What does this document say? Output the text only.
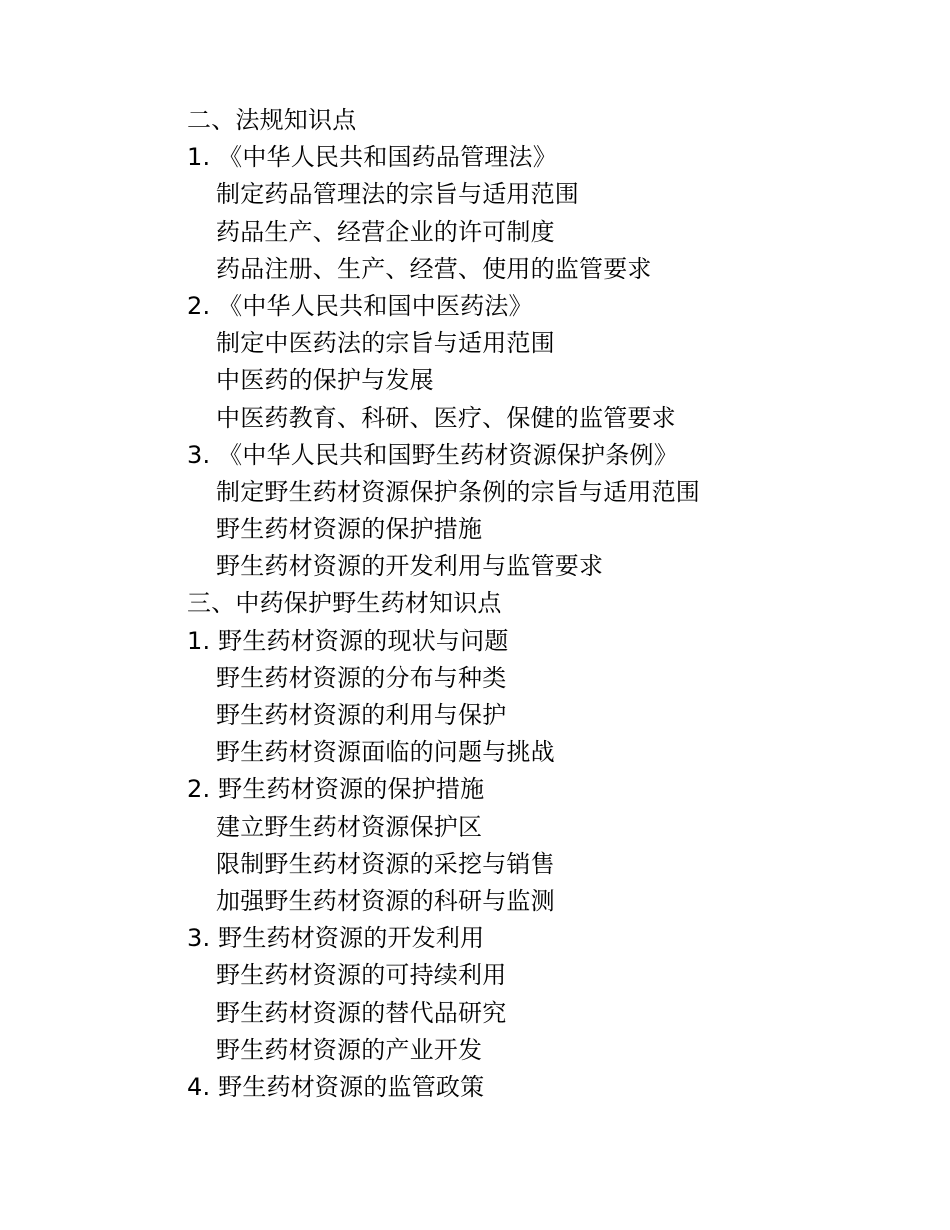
二、法规知识点
1. 《中华人民共和国药品管理法》
制定药品管理法的宗旨与适用范围
药品生产、经营企业的许可制度
药品注册、生产、经营、使用的监管要求
2. 《中华人民共和国中医药法》
制定中医药法的宗旨与适用范围
中医药的保护与发展
中医药教育、科研、医疗、保健的监管要求
3. 《中华人民共和国野生药材资源保护条例》
制定野生药材资源保护条例的宗旨与适用范围
野生药材资源的保护措施
野生药材资源的开发利用与监管要求
三、中药保护野生药材知识点
1. 野生药材资源的现状与问题
野生药材资源的分布与种类
野生药材资源的利用与保护
野生药材资源面临的问题与挑战
2. 野生药材资源的保护措施
建立野生药材资源保护区
限制野生药材资源的采挖与销售
加强野生药材资源的科研与监测
3. 野生药材资源的开发利用
野生药材资源的可持续利用
野生药材资源的替代品研究
野生药材资源的产业开发
4. 野生药材资源的监管政策
